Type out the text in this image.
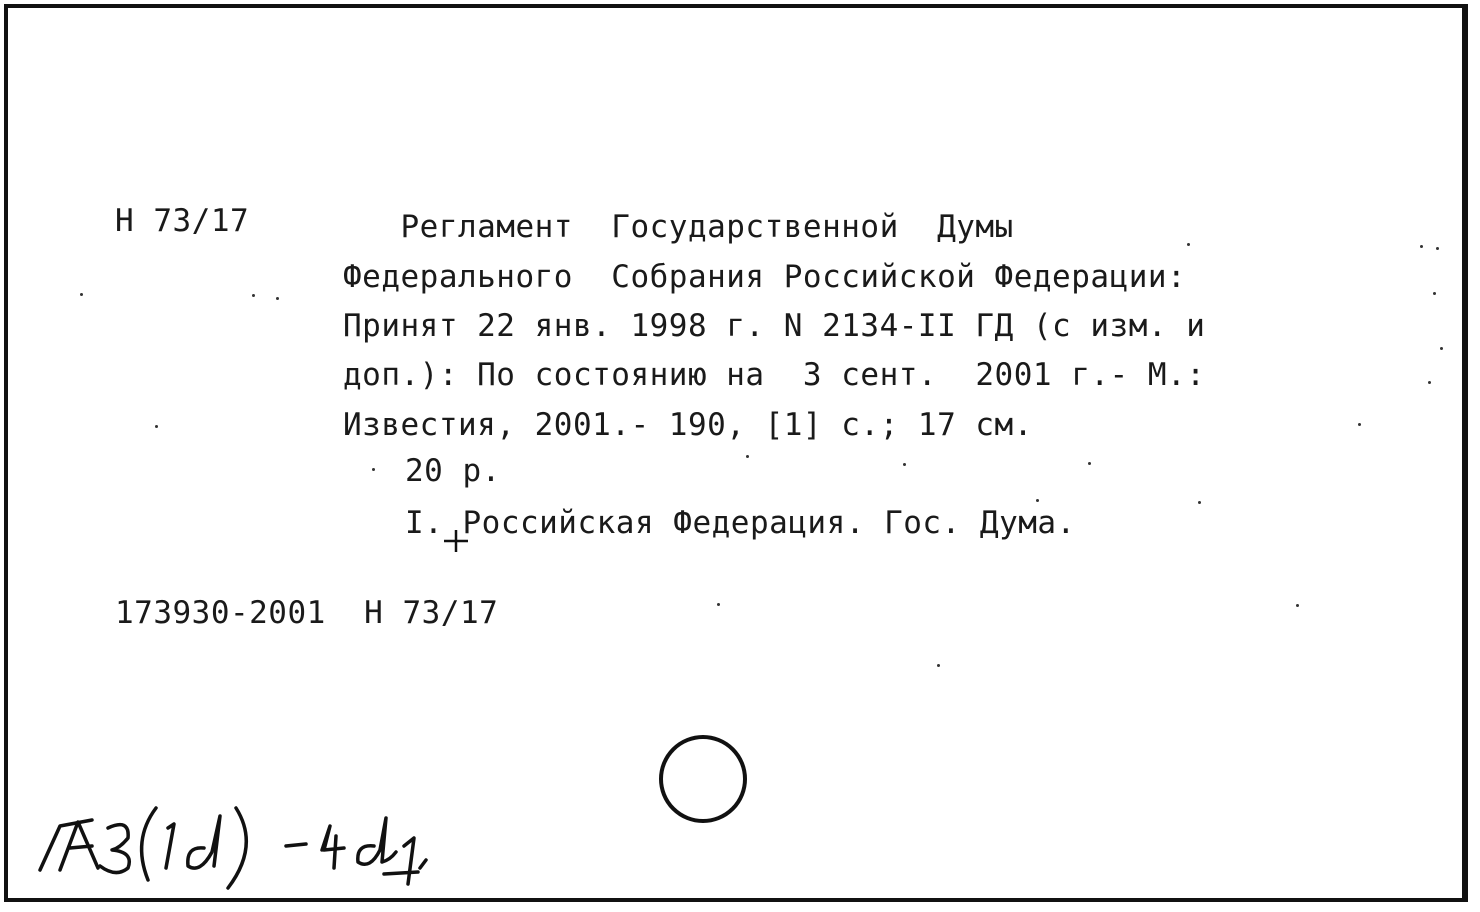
Н 73/17	Регламент  Государственной  Думы
Федерального  Собрания Российской Федерации:
Принят 22 янв. 1998 г. N 2134-II ГД (с изм. и
доп.): По состоянию на  3 сент.  2001 г.- М.:
Известия, 2001.- 190, [1] с.; 17 см.
20 р.
I. Российская Федерация. Гос. Дума.
173930-2001  Н 73/17
